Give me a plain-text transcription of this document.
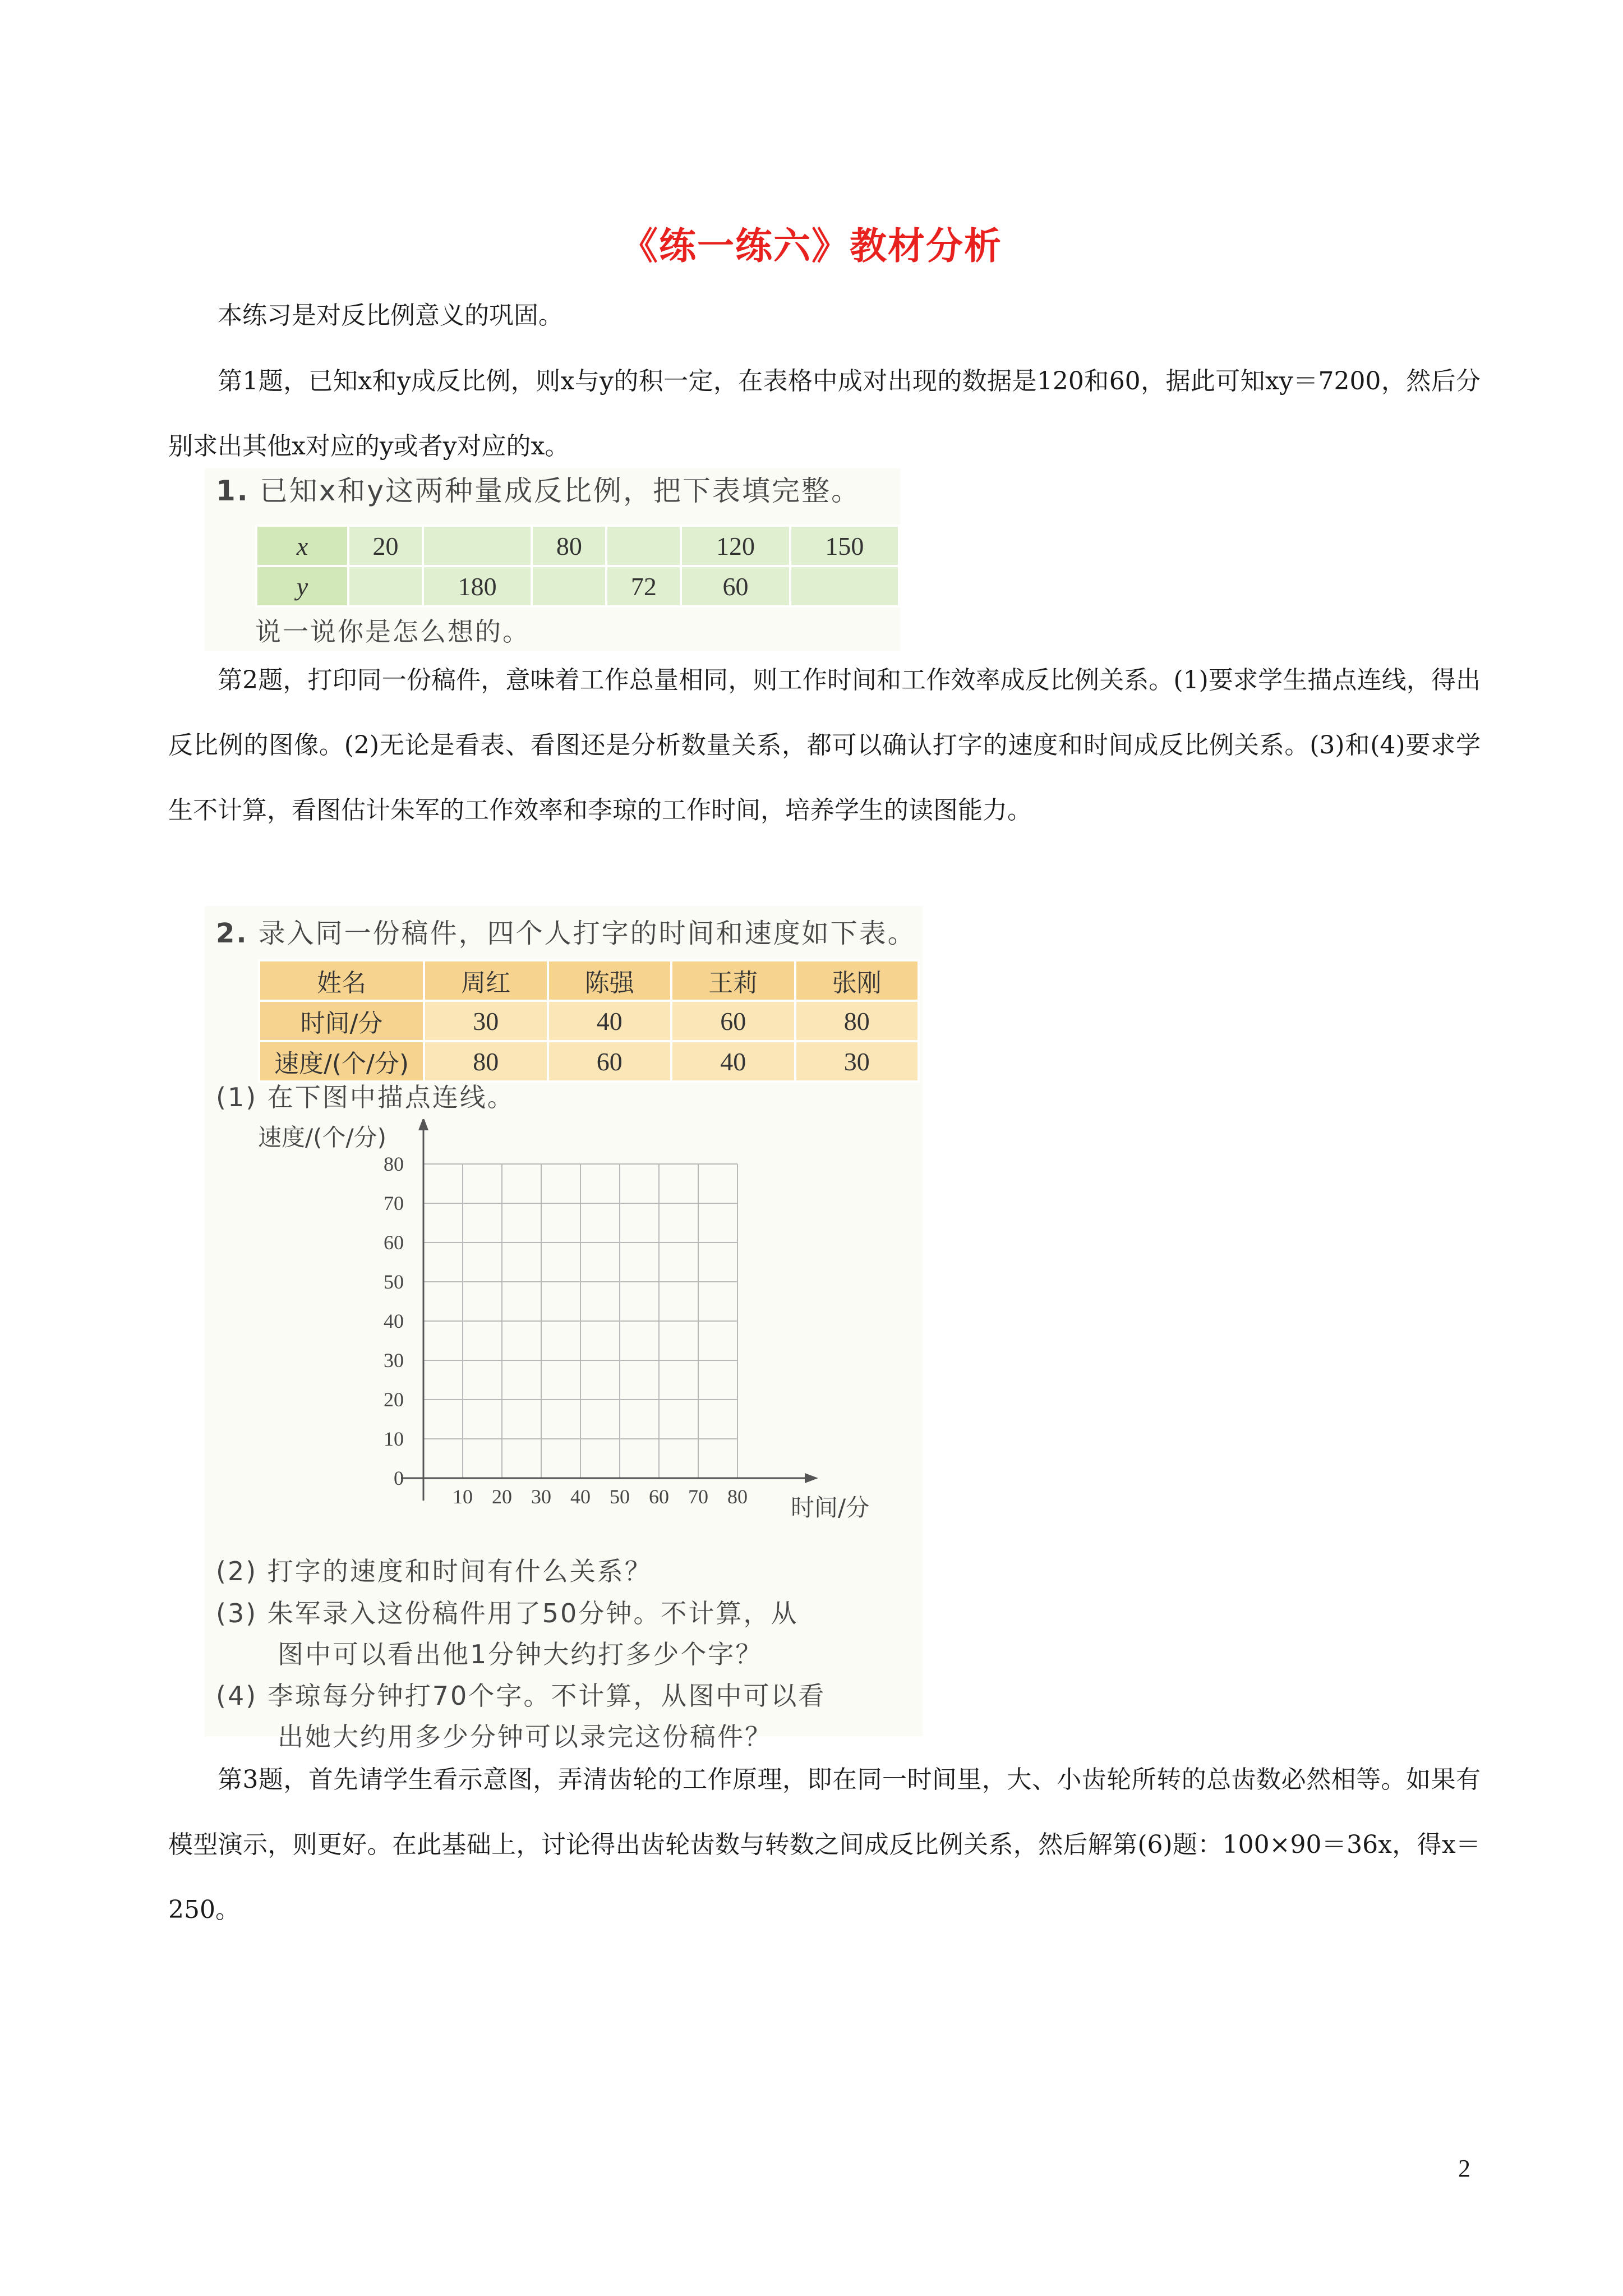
《练一练六》教材分析

本练习是对反比例意义的巩固。

第1题，已知x和y成反比例，则x与y的积一定，在表格中成对出现的数据是120和60，据此可知xy＝7200，然后分别求出其他x对应的y或者y对应的x。

1. 已知x和y这两种量成反比例，把下表填完整。
x	20		80		120	150
y		180		72	60	
说一说你是怎么想的。

第2题，打印同一份稿件，意味着工作总量相同，则工作时间和工作效率成反比例关系。(1)要求学生描点连线，得出反比例的图像。(2)无论是看表、看图还是分析数量关系，都可以确认打字的速度和时间成反比例关系。(3)和(4)要求学生不计算，看图估计朱军的工作效率和李琼的工作时间，培养学生的读图能力。

2. 录入同一份稿件，四个人打字的时间和速度如下表。
姓名	周红	陈强	王莉	张刚
时间/分	30	40	60	80
速度/(个/分)	80	60	40	30
(1) 在下图中描点连线。
速度/(个/分)
时间/分
0
10
20
30
40
50
60
70
80
10 20 30 40 50 60 70 80
(2) 打字的速度和时间有什么关系？
(3) 朱军录入这份稿件用了50分钟。不计算，从
图中可以看出他1分钟大约打多少个字？
(4) 李琼每分钟打70个字。不计算，从图中可以看
出她大约用多少分钟可以录完这份稿件？

第3题，首先请学生看示意图，弄清齿轮的工作原理，即在同一时间里，大、小齿轮所转的总齿数必然相等。如果有模型演示，则更好。在此基础上，讨论得出齿轮齿数与转数之间成反比例关系，然后解第(6)题：100×90＝36x，得x＝250。

2
